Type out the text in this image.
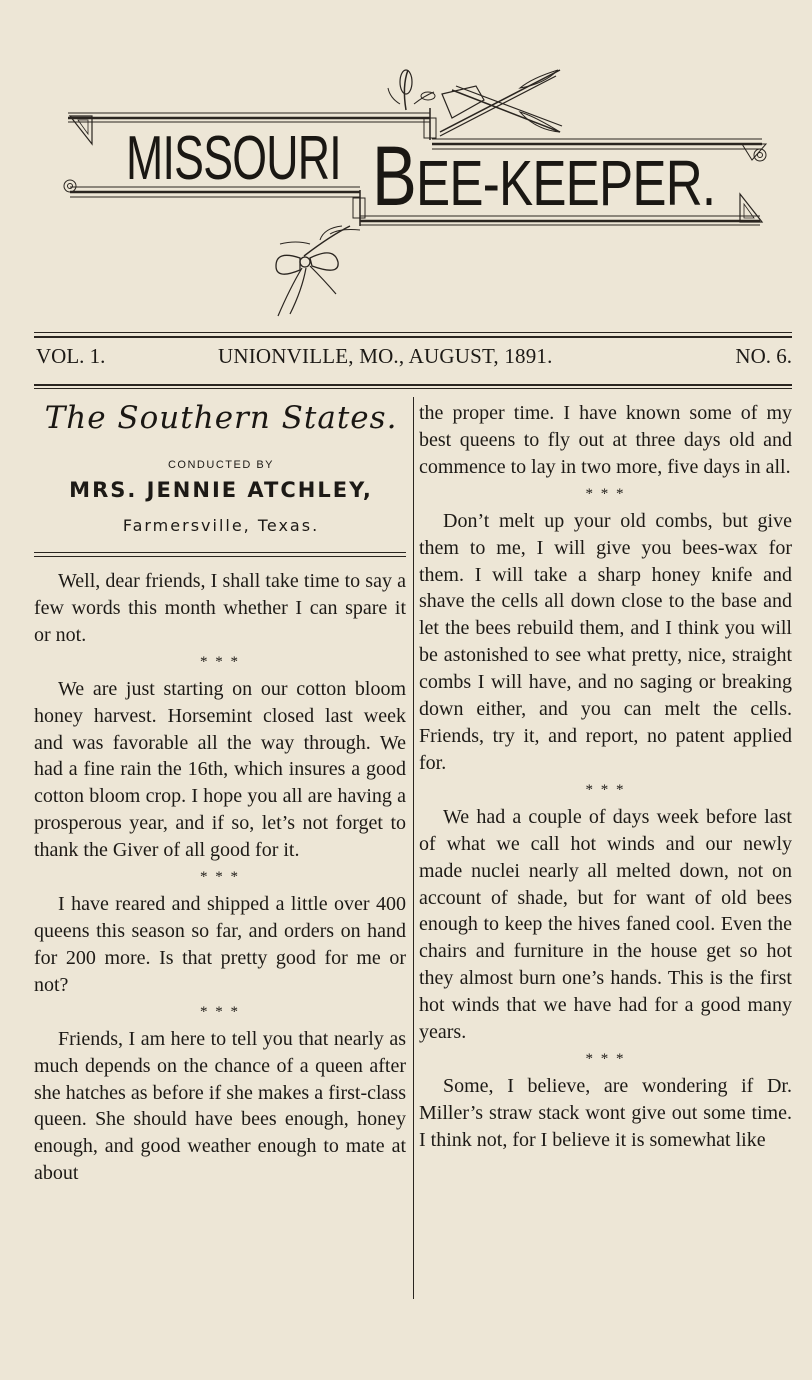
MISSOURI BEE-KEEPER.
VOL. 1.	UNIONVILLE, MO., AUGUST, 1891.	NO. 6.
The Southern States.
CONDUCTED BY
MRS. JENNIE ATCHLEY,
Farmersville, Texas.

Well, dear friends, I shall take time to say a few words this month whether I can spare it or not.

* * *

We are just starting on our cotton bloom honey harvest. Horsemint closed last week and was favorable all the way through. We had a fine rain the 16th, which insures a good cotton bloom crop. I hope you all are having a prosperous year, and if so, let’s not forget to thank the Giver of all good for it.

* * *

I have reared and shipped a little over 400 queens this season so far, and orders on hand for 200 more. Is that pretty good for me or not?

* * *

Friends, I am here to tell you that nearly as much depends on the chance of a queen after she hatches as before if she makes a first-class queen. She should have bees enough, honey enough, and good weather enough to mate at about

the proper time. I have known some of my best queens to fly out at three days old and commence to lay in two more, five days in all.

* * *

Don’t melt up your old combs, but give them to me, I will give you bees-wax for them. I will take a sharp honey knife and shave the cells all down close to the base and let the bees rebuild them, and I think you will be astonished to see what pretty, nice, straight combs I will have, and no saging or breaking down either, and you can melt the cells. Friends, try it, and report, no patent applied for.

* * *

We had a couple of days week before last of what we call hot winds and our newly made nuclei nearly all melted down, not on account of shade, but for want of old bees enough to keep the hives faned cool. Even the chairs and furniture in the house get so hot they almost burn one’s hands. This is the first hot winds that we have had for a good many years.

* * *

Some, I believe, are wondering if Dr. Miller’s straw stack wont give out some time. I think not, for I believe it is somewhat like
